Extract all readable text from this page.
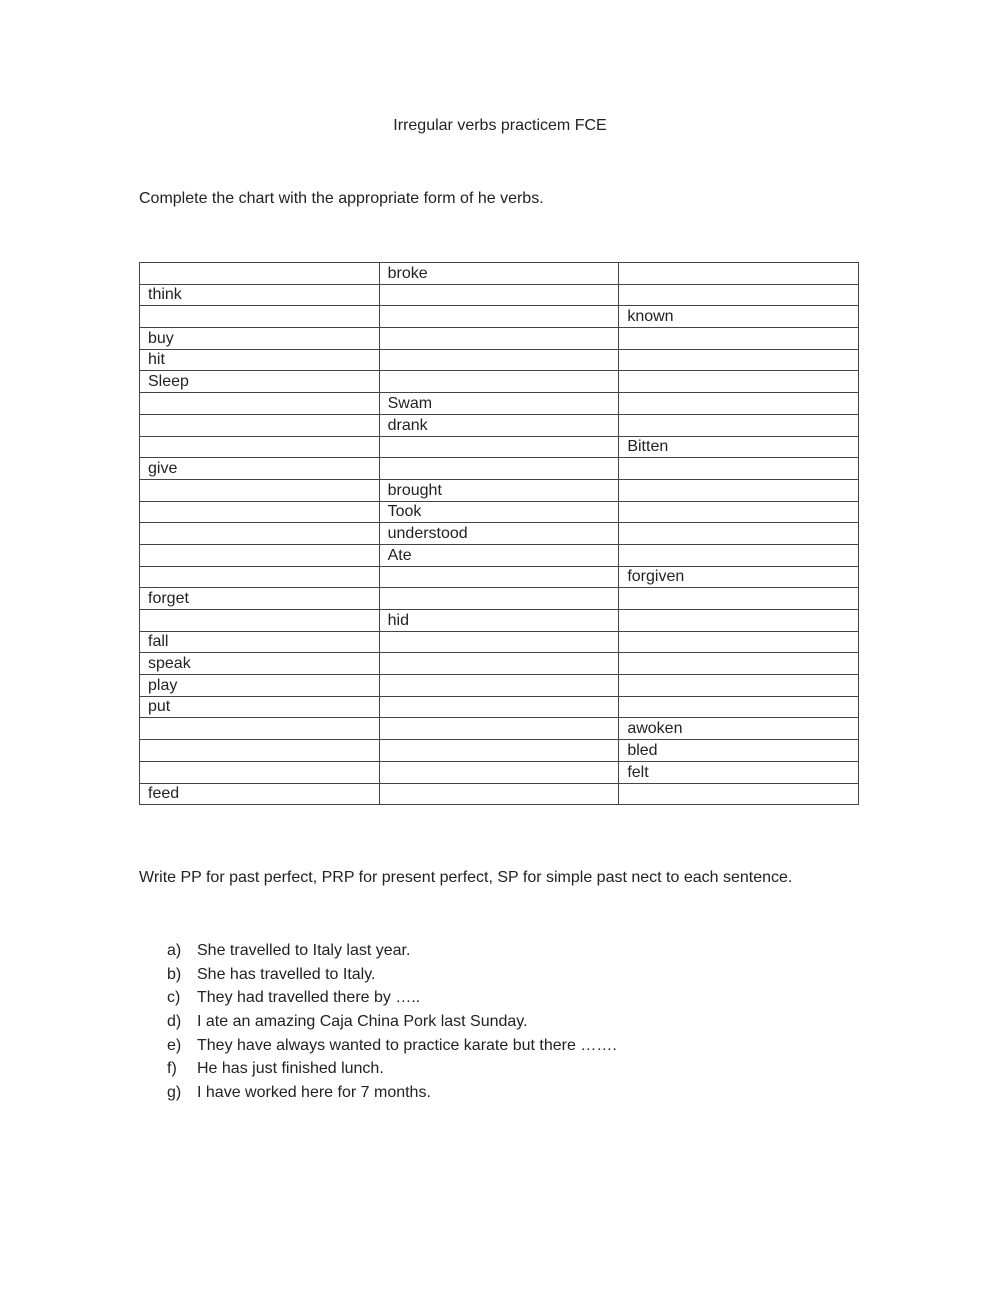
Irregular verbs practicem FCE
Complete the chart with the appropriate form of he verbs.
	broke	
think		
		known
buy		
hit		
Sleep		
	Swam	
	drank	
		Bitten
give		
	brought	
	Took	
	understood	
	Ate	
		forgiven
forget		
	hid	
fall		
speak		
play		
put		
		awoken
		bled
		felt
feed		
Write PP for past perfect, PRP for present perfect, SP for simple past nect to each sentence.
a) She travelled to Italy last year.
b) She has travelled to Italy.
c)	They had travelled there by …..
d) I ate an amazing Caja China Pork last Sunday.
e) They have always wanted to practice karate but there …….
f)	He has just finished lunch.
g) I have worked here for 7 months.
